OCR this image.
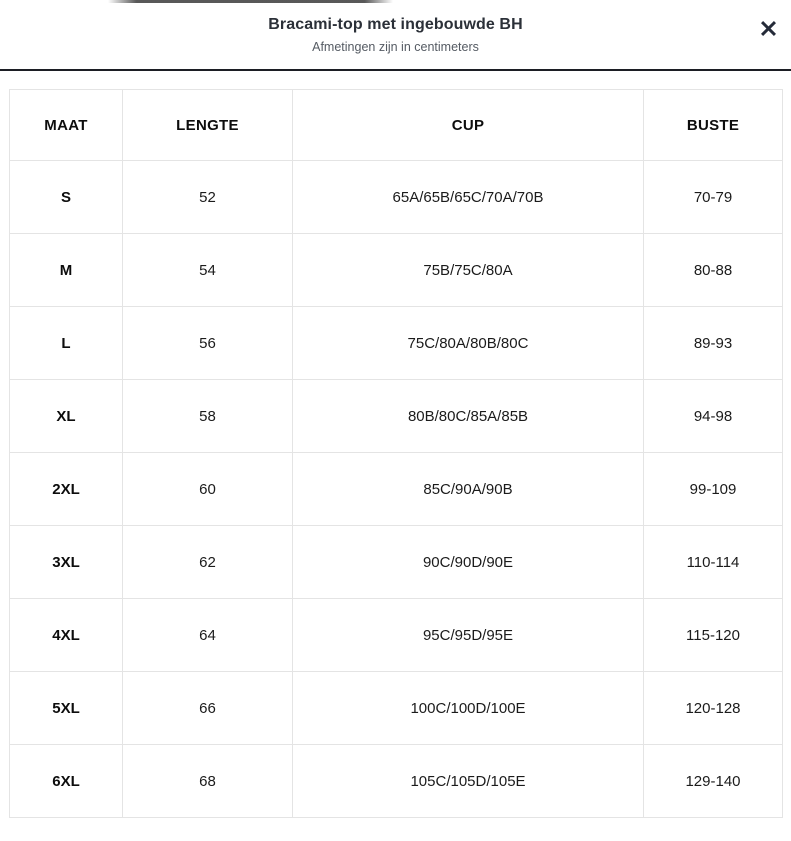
Bracami-top met ingebouwde BH
Afmetingen zijn in centimeters
MAAT	LENGTE	CUP	BUSTE
S	52	65A/65B/65C/70A/70B	70-79
M	54	75B/75C/80A	80-88
L	56	75C/80A/80B/80C	89-93
XL	58	80B/80C/85A/85B	94-98
2XL	60	85C/90A/90B	99-109
3XL	62	90C/90D/90E	110-114
4XL	64	95C/95D/95E	115-120
5XL	66	100C/100D/100E	120-128
6XL	68	105C/105D/105E	129-140
